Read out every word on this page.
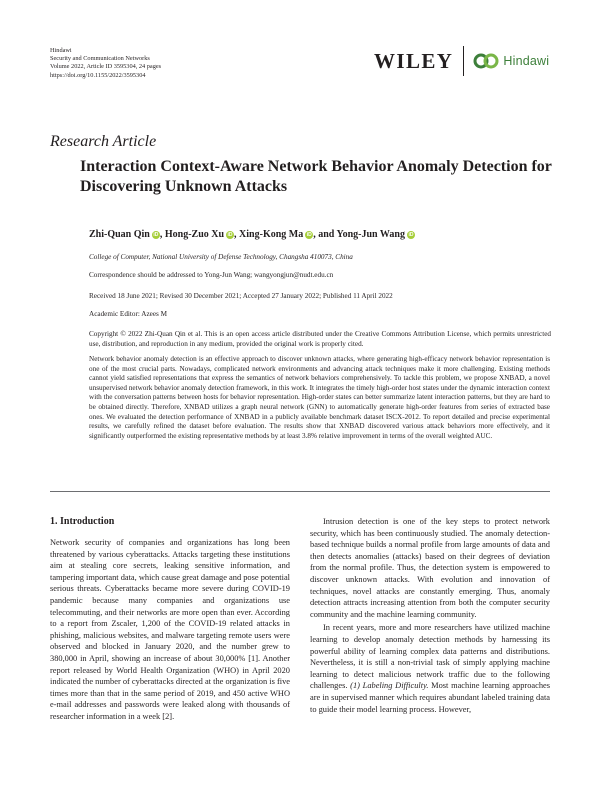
Hindawi
Security and Communication Networks
Volume 2022, Article ID 3595304, 24 pages
https://doi.org/10.1155/2022/3595304
WILEY	Hindawi
Research Article
Interaction Context-Aware Network Behavior Anomaly Detection for Discovering Unknown Attacks
Zhi-Quan Qin iD , Hong-Zuo Xu iD , Xing-Kong Ma iD , and Yong-Jun Wang iD
College of Computer, National University of Defense Technology, Changsha 410073, China
Correspondence should be addressed to Yong-Jun Wang; wangyongjun@nudt.edu.cn
Received 18 June 2021; Revised 30 December 2021; Accepted 27 January 2022; Published 11 April 2022
Academic Editor: Azees M
Copyright © 2022 Zhi-Quan Qin et al. This is an open access article distributed under the Creative Commons Attribution License, which permits unrestricted use, distribution, and reproduction in any medium, provided the original work is properly cited.
Network behavior anomaly detection is an effective approach to discover unknown attacks, where generating high-efficacy network behavior representation is one of the most crucial parts. Nowadays, complicated network environments and advancing attack techniques make it more challenging. Existing methods cannot yield satisfied representations that express the semantics of network behaviors comprehensively. To tackle this problem, we propose XNBAD, a novel unsupervised network behavior anomaly detection framework, in this work. It integrates the timely high-order host states under the dynamic interaction context with the conversation patterns between hosts for behavior representation. High-order states can better summarize latent interaction patterns, but they are hard to be obtained directly. Therefore, XNBAD utilizes a graph neural network (GNN) to automatically generate high-order features from series of extracted base ones. We evaluated the detection performance of XNBAD in a publicly available benchmark dataset ISCX-2012. To report detailed and precise experimental results, we carefully refined the dataset before evaluation. The results show that XNBAD discovered various attack behaviors more effectively, and it significantly outperformed the existing representative methods by at least 3.8% relative improvement in terms of the overall weighted AUC.
1. Introduction

Network security of companies and organizations has long been threatened by various cyberattacks. Attacks targeting these institutions aim at stealing core secrets, leaking sensitive information, and tampering important data, which cause great damage and pose potential serious threats. Cyberattacks became more severe during COVID-19 pandemic because many companies and organizations use telecommuting, and their networks are more open than ever. According to a report from Zscaler, 1,200 of the COVID-19 related attacks in phishing, malicious websites, and malware targeting remote users were observed and blocked in January 2020, and the number grew to 380,000 in April, showing an increase of about 30,000% [1]. Another report released by World Health Organization (WHO) in April 2020 indicated the number of cyberattacks directed at the organization is five times more than that in the same period of 2019, and 450 active WHO e-mail addresses and passwords were leaked along with thousands of researcher information in a week [2].

Intrusion detection is one of the key steps to protect network security, which has been continuously studied. The anomaly detection-based technique builds a normal profile from large amounts of data and then detects anomalies (attacks) based on their degrees of deviation from the normal profile. Thus, the detection system is empowered to discover unknown attacks. With evolution and innovation of techniques, novel attacks are constantly emerging. Thus, anomaly detection attracts increasing attention from both the computer security community and the machine learning community.

In recent years, more and more researchers have utilized machine learning to develop anomaly detection methods by harnessing its powerful ability of learning complex data patterns and distributions. Nevertheless, it is still a non-trivial task of simply applying machine learning to detect malicious network traffic due to the following challenges. (1) Labeling Difficulty. Most machine learning approaches are in supervised manner which requires abundant labeled training data to guide their model learning process. However,
